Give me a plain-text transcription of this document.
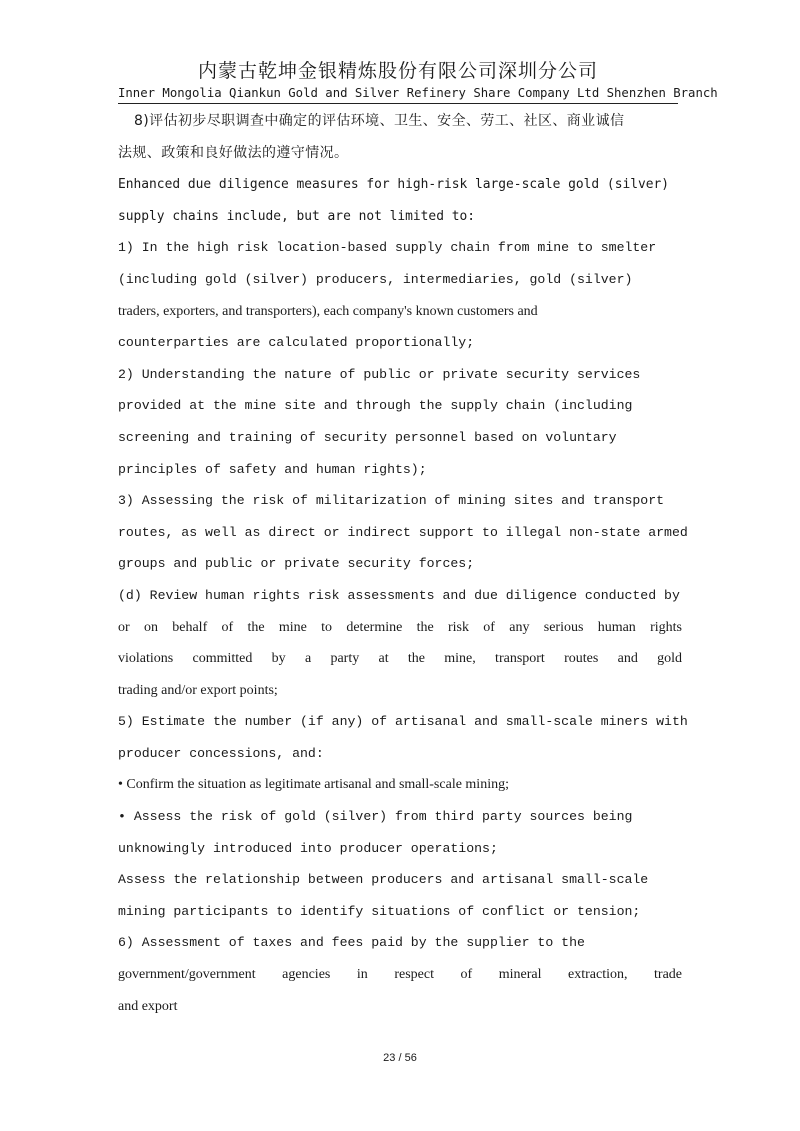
内蒙古乾坤金银精炼股份有限公司深圳分公司

Inner Mongolia Qiankun Gold and Silver Refinery Share Company Ltd Shenzhen Branch

8)评估初步尽职调查中确定的评估环境、卫生、安全、劳工、社区、商业诚信
法规、政策和良好做法的遵守情况。
Enhanced due diligence measures for high-risk large-scale gold (silver)
supply chains include, but are not limited to:
1) In the high risk location-based supply chain from mine to smelter
(including gold (silver) producers, intermediaries, gold (silver)
traders, exporters, and transporters), each company's known customers and
counterparties are calculated proportionally;
2) Understanding the nature of public or private security services
provided at the mine site and through the supply chain (including
screening and training of security personnel based on voluntary
principles of safety and human rights);
3) Assessing the risk of militarization of mining sites and transport
routes, as well as direct or indirect support to illegal non-state armed
groups and public or private security forces;
(d) Review human rights risk assessments and due diligence conducted by
or on behalf of the mine to determine the risk of any serious human rights
violations committed by a party at the mine, transport routes and gold
trading and/or export points;
5) Estimate the number (if any) of artisanal and small-scale miners with
producer concessions, and:
• Confirm the situation as legitimate artisanal and small-scale mining;
• Assess the risk of gold (silver) from third party sources being
unknowingly introduced into producer operations;
Assess the relationship between producers and artisanal small-scale
mining participants to identify situations of conflict or tension;
6) Assessment of taxes and fees paid by the supplier to the
government/government agencies in respect of mineral extraction, trade
and export
23 / 56
